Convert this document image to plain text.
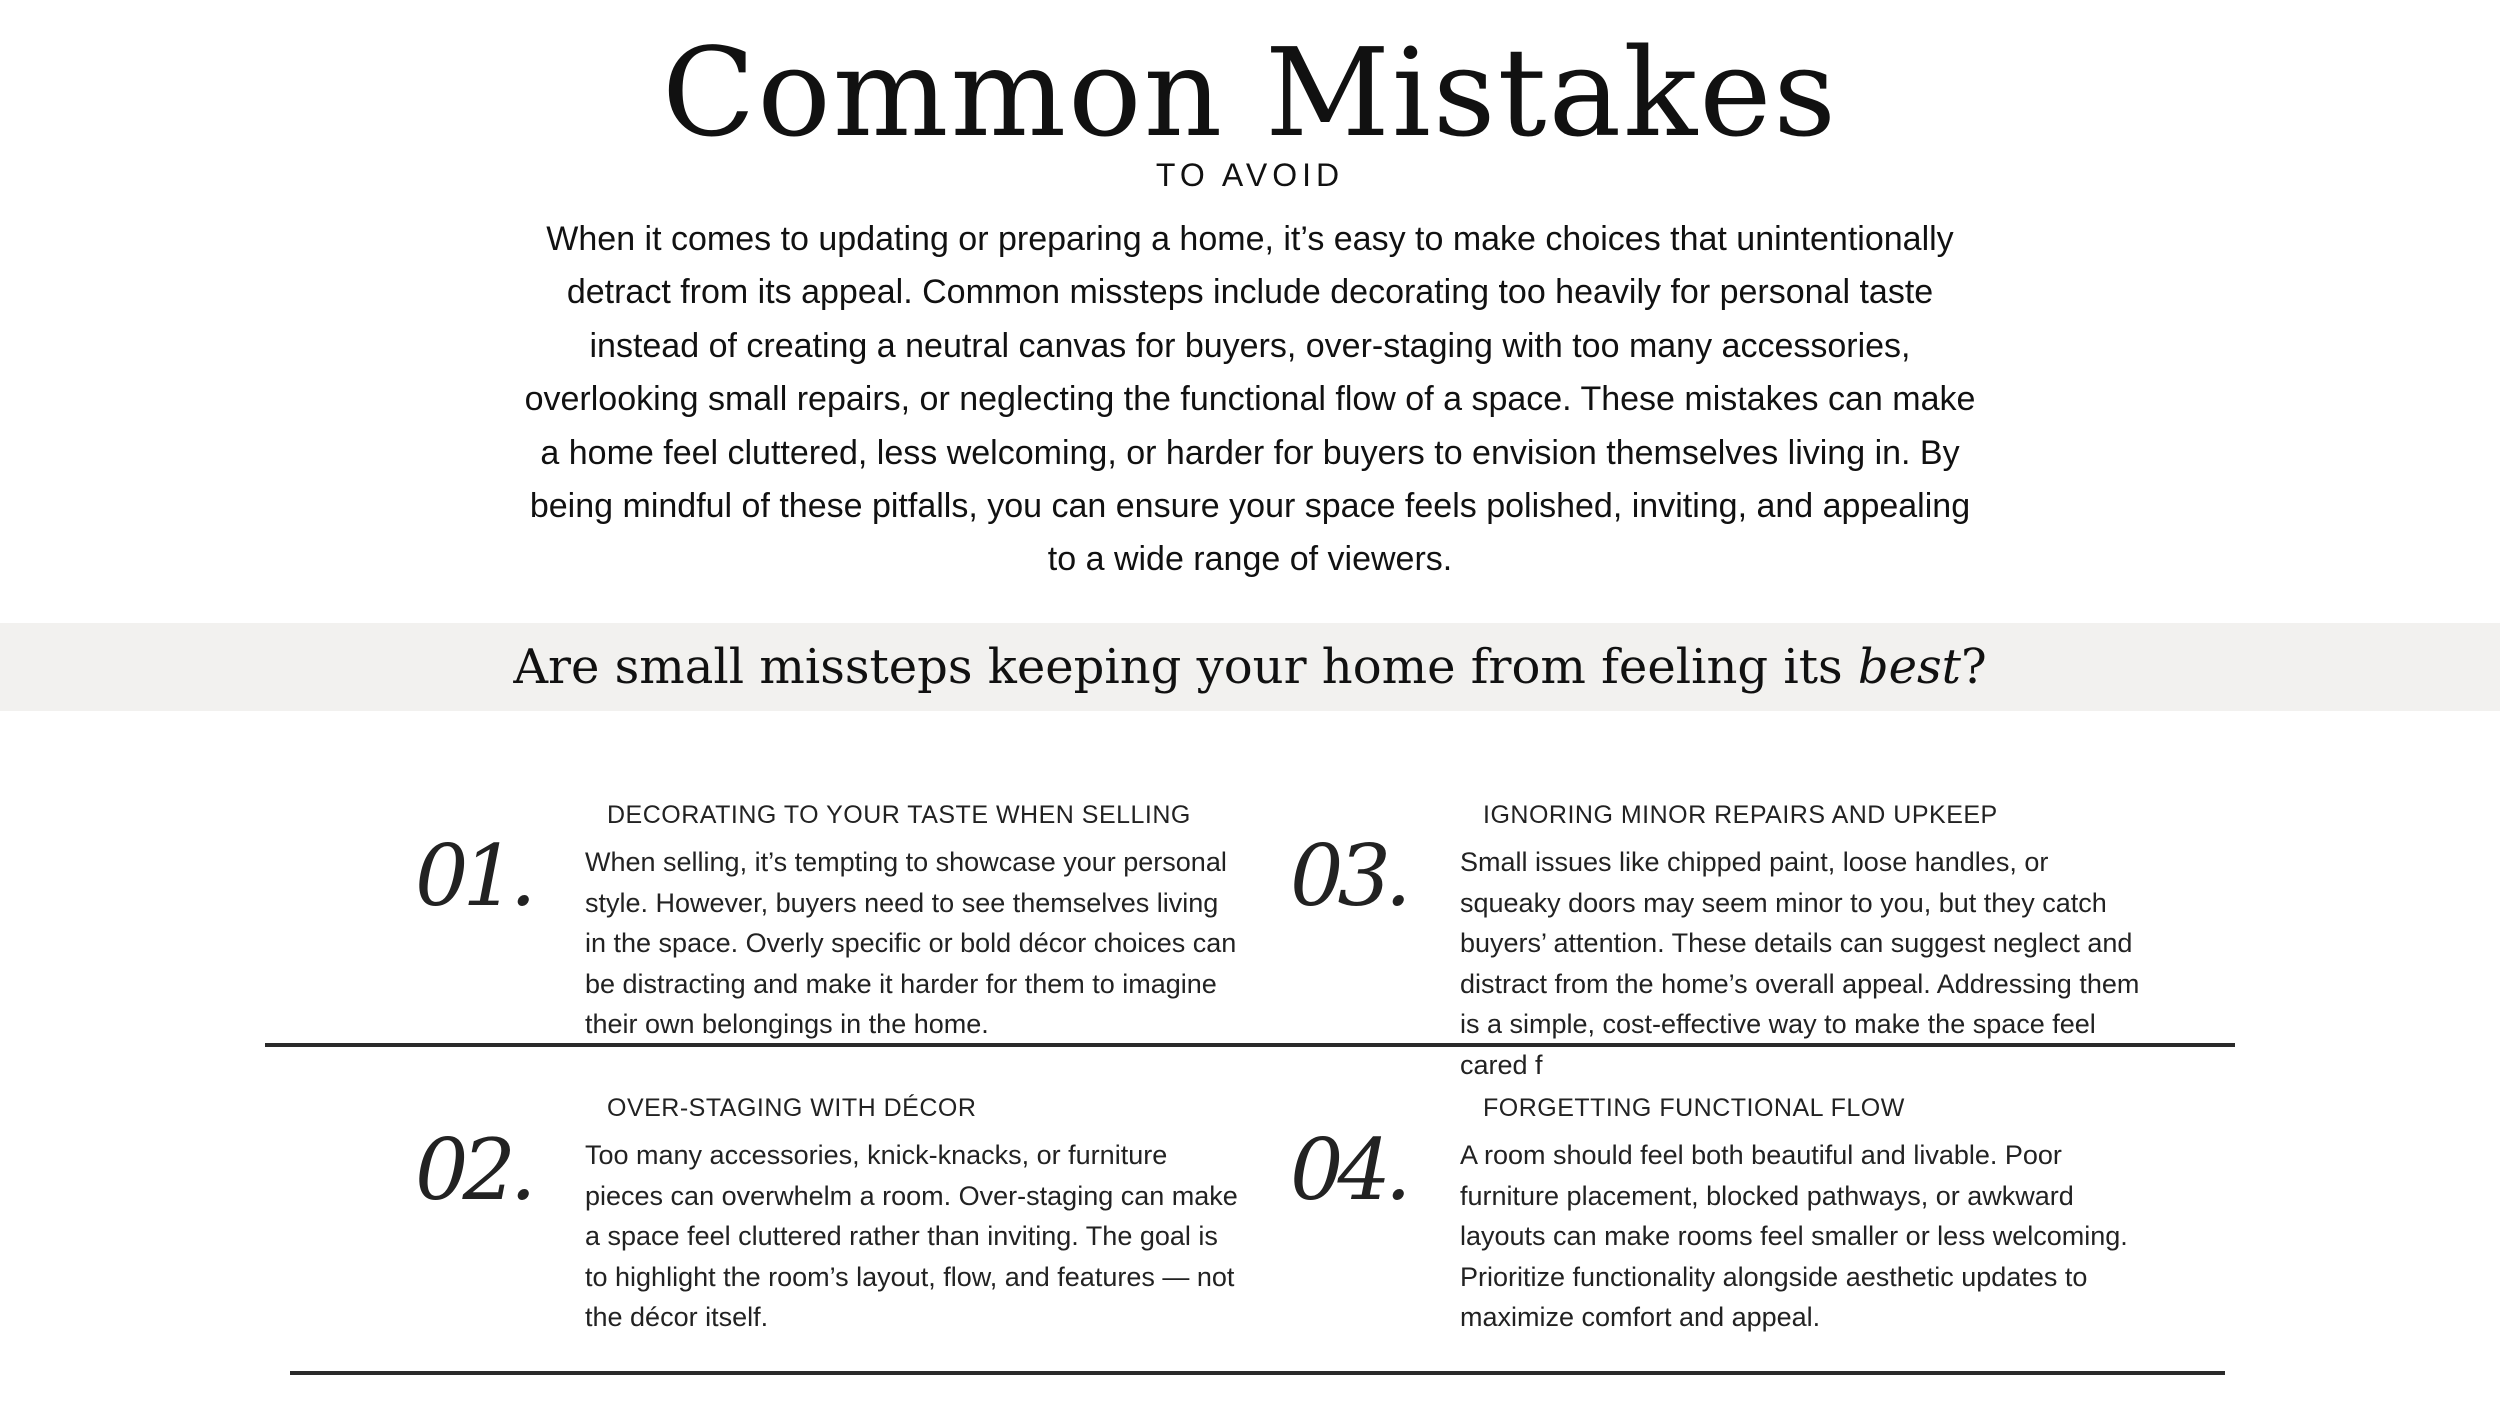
Common Mistakes
TO AVOID

When it comes to updating or preparing a home, it’s easy to make choices that unintentionally detract from its appeal. Common missteps include decorating too heavily for personal taste instead of creating a neutral canvas for buyers, over-staging with too many accessories, overlooking small repairs, or neglecting the functional flow of a space. These mistakes can make a home feel cluttered, less welcoming, or harder for buyers to envision themselves living in. By being mindful of these pitfalls, you can ensure your space feels polished, inviting, and appealing to a wide range of viewers.

Are small missteps keeping your home from feeling its best?
01.
DECORATING TO YOUR TASTE WHEN SELLING

When selling, it’s tempting to showcase your personal style. However, buyers need to see themselves living in the space. Overly specific or bold décor choices can be distracting and make it harder for them to imagine their own belongings in the home.

03.
IGNORING MINOR REPAIRS AND UPKEEP

Small issues like chipped paint, loose handles, or squeaky doors may seem minor to you, but they catch buyers’ attention. These details can suggest neglect and distract from the home’s overall appeal. Addressing them is a simple, cost-effective way to make the space feel cared f

02.
OVER-STAGING WITH DÉCOR

Too many accessories, knick-knacks, or furniture pieces can overwhelm a room. Over-staging can make a space feel cluttered rather than inviting. The goal is to highlight the room’s layout, flow, and features — not the décor itself.

04.
FORGETTING FUNCTIONAL FLOW

A room should feel both beautiful and livable. Poor furniture placement, blocked pathways, or awkward layouts can make rooms feel smaller or less welcoming. Prioritize functionality alongside aesthetic updates to maximize comfort and appeal.
